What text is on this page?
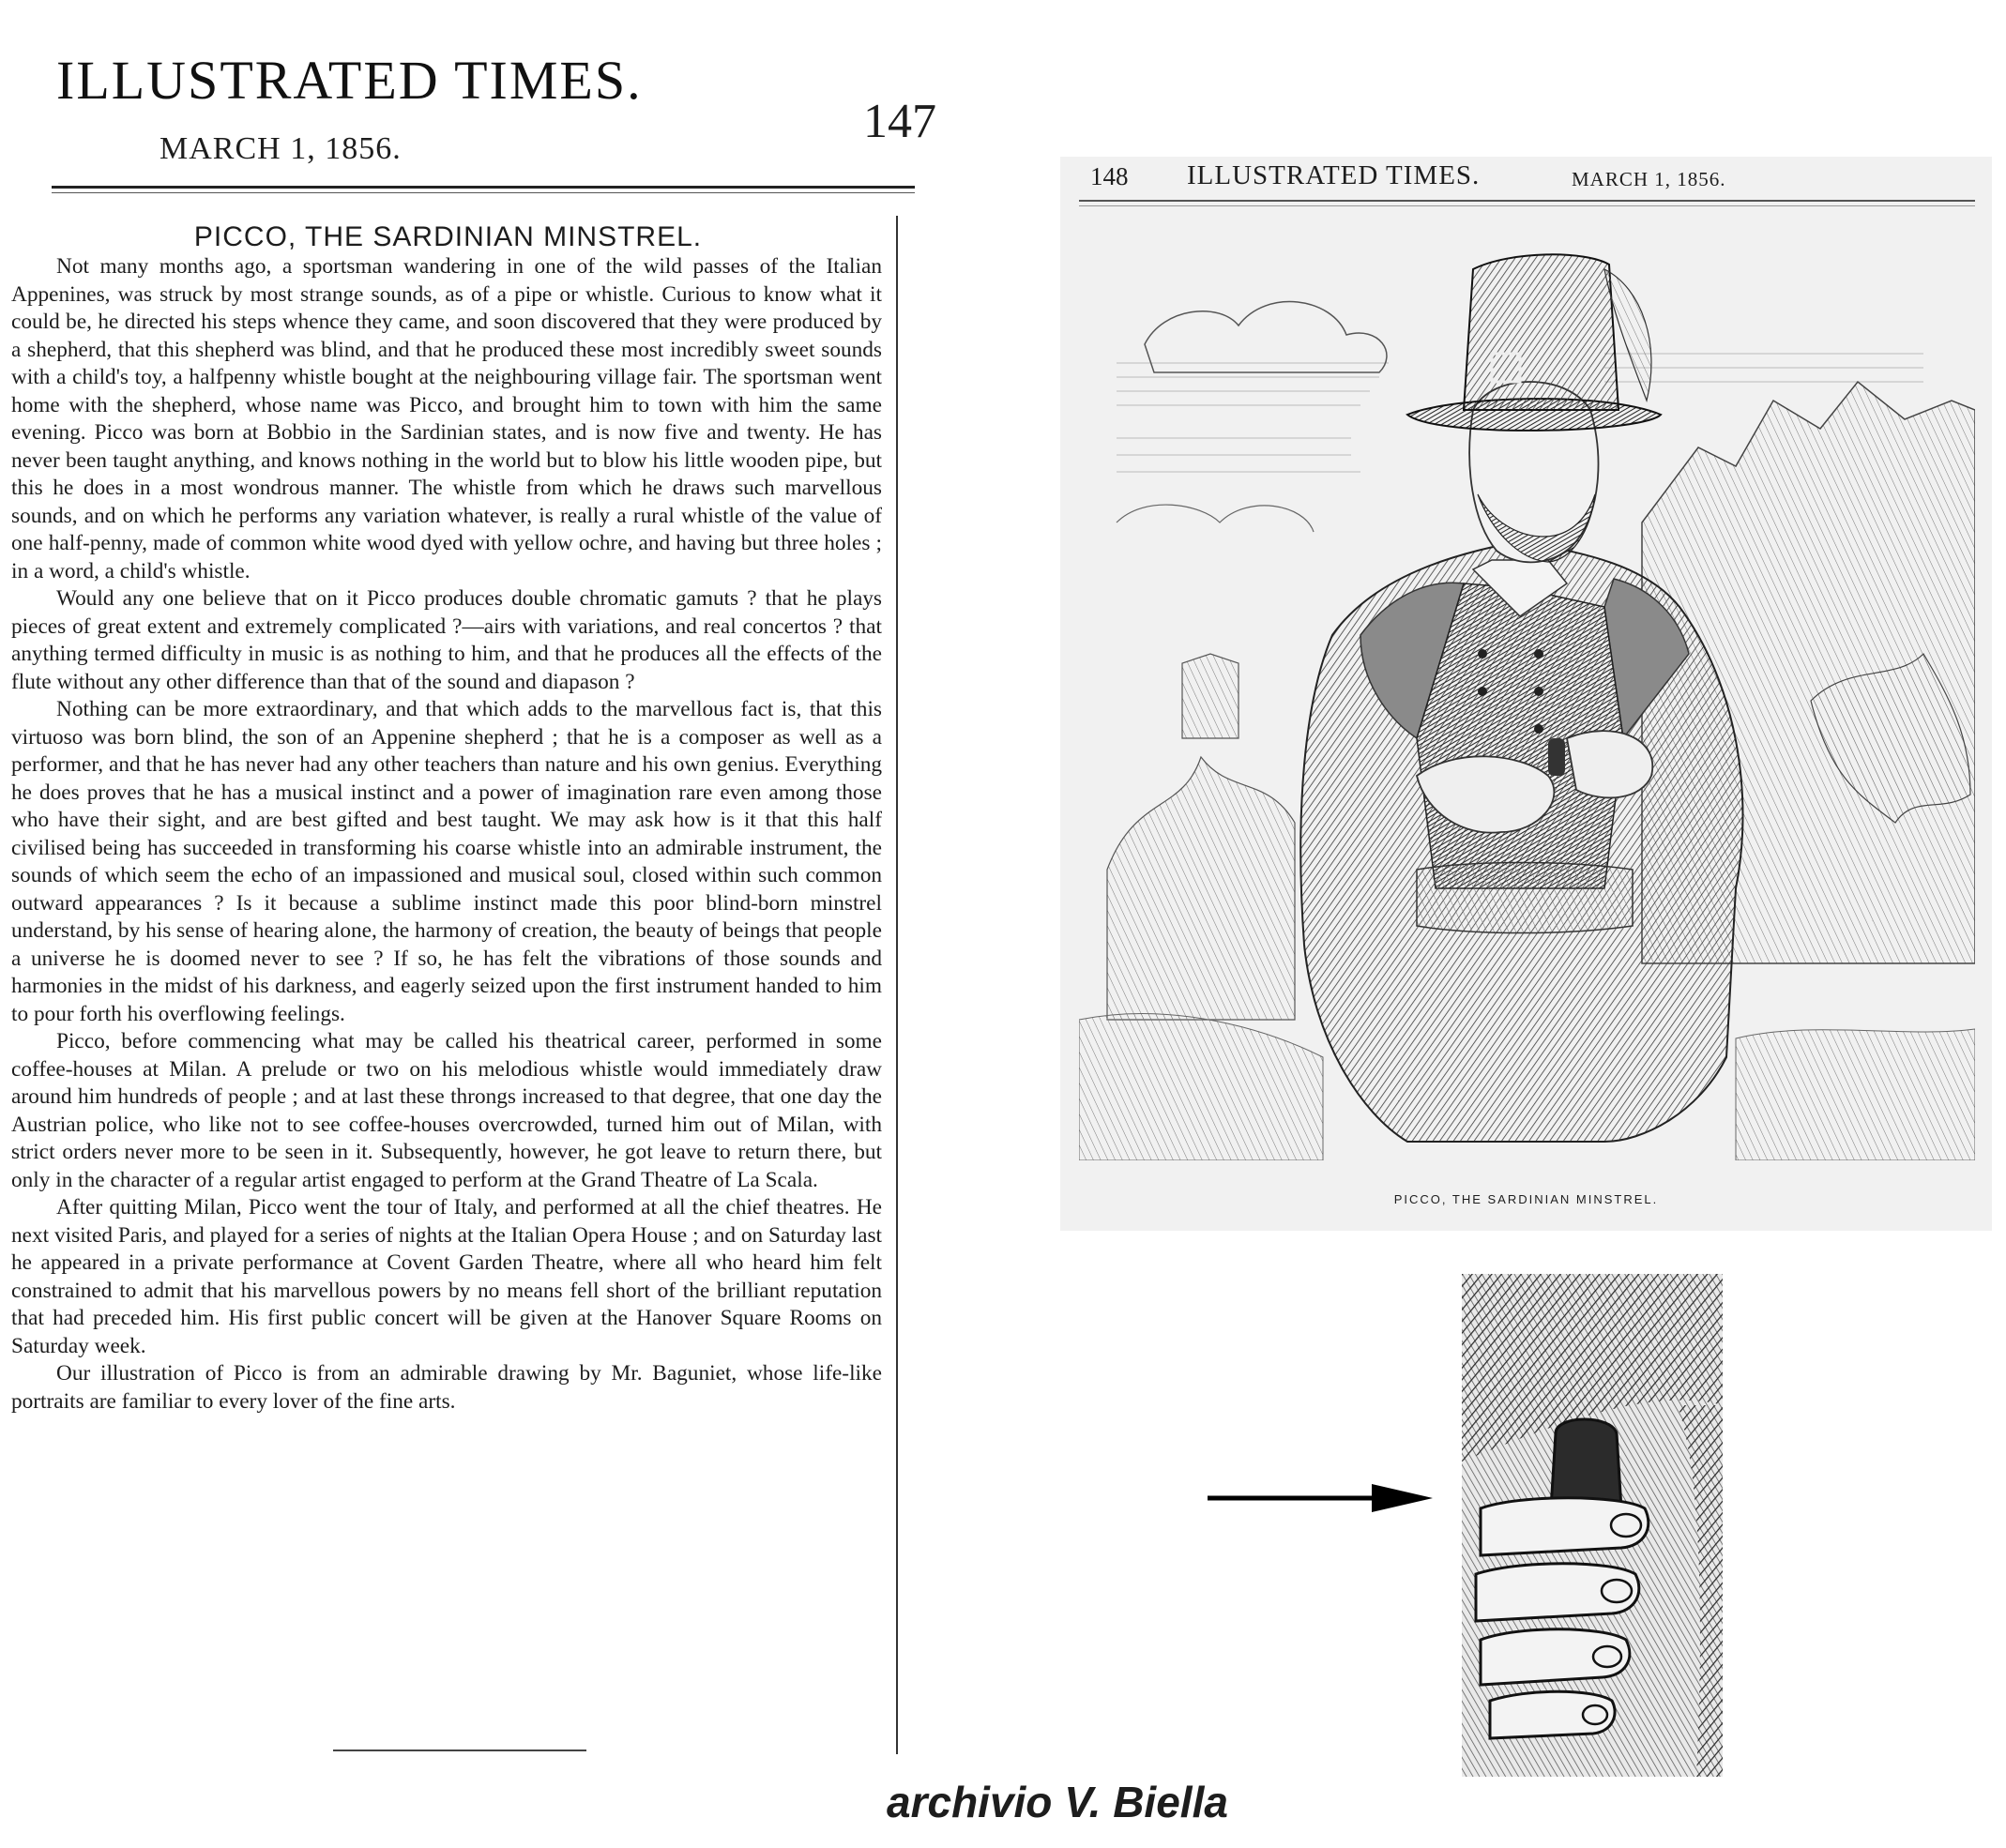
ILLUSTRATED TIMES.
MARCH 1, 1856.
147
PICCO, THE SARDINIAN MINSTREL.

Not many months ago, a sportsman wandering in one of the wild passes of the Italian Appenines, was struck by most strange sounds, as of a pipe or whistle. Curious to know what it could be, he directed his steps whence they came, and soon discovered that they were produced by a shepherd, that this shepherd was blind, and that he produced these most incredibly sweet sounds with a child's toy, a halfpenny whistle bought at the neighbouring village fair. The sportsman went home with the shepherd, whose name was Picco, and brought him to town with him the same evening. Picco was born at Bobbio in the Sardinian states, and is now five and twenty. He has never been taught anything, and knows nothing in the world but to blow his little wooden pipe, but this he does in a most wondrous manner. The whistle from which he draws such marvellous sounds, and on which he performs any variation whatever, is really a rural whistle of the value of one half-penny, made of common white wood dyed with yellow ochre, and having but three holes ; in a word, a child's whistle.

Would any one believe that on it Picco produces double chromatic gamuts ? that he plays pieces of great extent and extremely complicated ?—airs with variations, and real concertos ? that anything termed difficulty in music is as nothing to him, and that he produces all the effects of the flute without any other difference than that of the sound and diapason ?

Nothing can be more extraordinary, and that which adds to the marvellous fact is, that this virtuoso was born blind, the son of an Appenine shepherd ; that he is a composer as well as a performer, and that he has never had any other teachers than nature and his own genius. Everything he does proves that he has a musical instinct and a power of imagination rare even among those who have their sight, and are best gifted and best taught. We may ask how is it that this half civilised being has succeeded in transforming his coarse whistle into an admirable instrument, the sounds of which seem the echo of an impassioned and musical soul, closed within such common outward appearances ? Is it because a sublime instinct made this poor blind-born minstrel understand, by his sense of hearing alone, the harmony of creation, the beauty of beings that people a universe he is doomed never to see ? If so, he has felt the vibrations of those sounds and harmonies in the midst of his darkness, and eagerly seized upon the first instrument handed to him to pour forth his overflowing feelings.

Picco, before commencing what may be called his theatrical career, performed in some coffee-houses at Milan. A prelude or two on his melodious whistle would immediately draw around him hundreds of people ; and at last these throngs increased to that degree, that one day the Austrian police, who like not to see coffee-houses overcrowded, turned him out of Milan, with strict orders never more to be seen in it. Subsequently, however, he got leave to return there, but only in the character of a regular artist engaged to perform at the Grand Theatre of La Scala.

After quitting Milan, Picco went the tour of Italy, and performed at all the chief theatres. He next visited Paris, and played for a series of nights at the Italian Opera House ; and on Saturday last he appeared in a private performance at Covent Garden Theatre, where all who heard him felt constrained to admit that his marvellous powers by no means fell short of the brilliant reputation that had preceded him. His first public concert will be given at the Hanover Square Rooms on Saturday week.

Our illustration of Picco is from an admirable drawing by Mr. Baguniet, whose life-like portraits are familiar to every lover of the fine arts.

148 ILLUSTRATED TIMES.	MARCH 1, 1856.
PICCO, THE SARDINIAN MINSTREL.
archivio V. Biella
